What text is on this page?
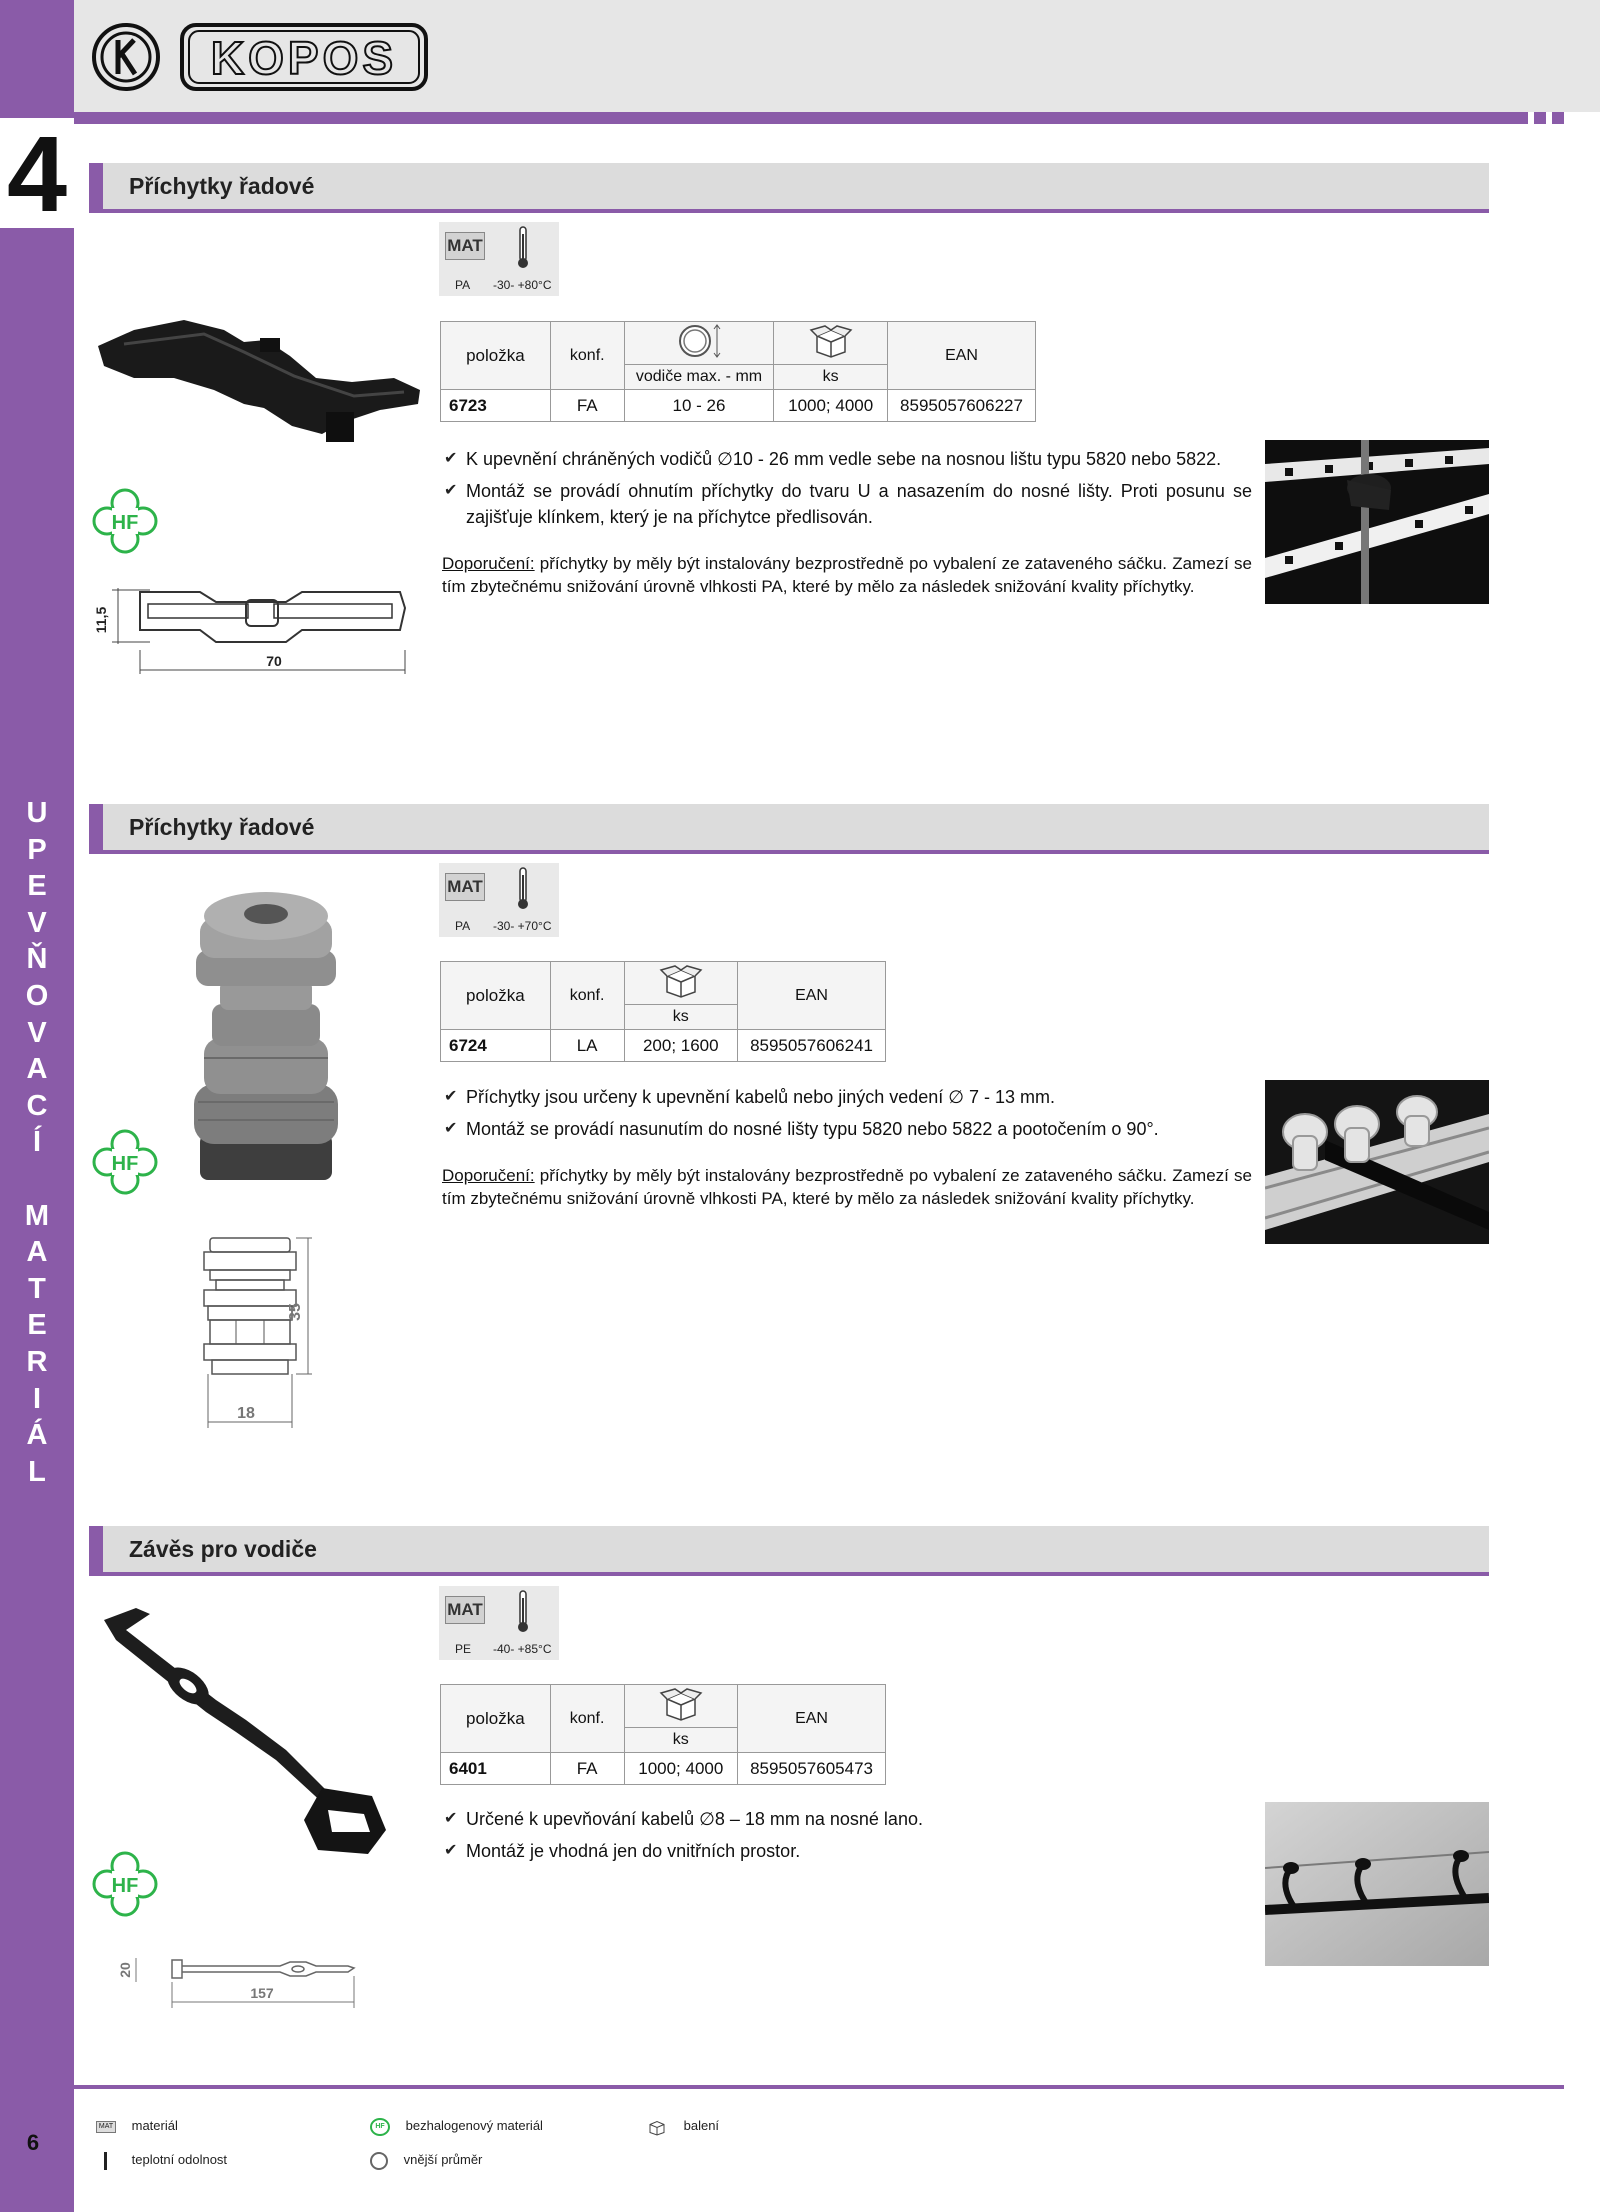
4
U
P
E
V
Ň
O
V
A
C
Í
M
A
T
E
R
I
Á
L
6
KOPOS
Příchytky řadové
HF
11,5
70
MAT
PA -30- +80°C
položka	konf.			EAN
		vodiče max. - mm	ks	
6723	FA	10 - 26	1000; 4000	8595057606227
✔ K upevnění chráněných vodičů ∅10 - 26 mm vedle sebe na nosnou lištu typu 5820 nebo 5822.
✔ Montáž se provádí ohnutím příchytky do tvaru U a nasazením do nosné lišty. Proti posunu se zajišťuje klínkem, který je na příchytce předlisován.
Doporučení: příchytky by měly být instalovány bezprostředně po vybalení ze zataveného sáčku. Zamezí se tím zbytečnému snižování úrovně vlhkosti PA, které by mělo za následek snižování kvality příchytky.
Příchytky řadové
HF
35
18
MAT
PA -30- +70°C
položka	konf.		EAN
		ks	
6724	LA	200; 1600	8595057606241
✔ Příchytky jsou určeny k upevnění kabelů nebo jiných vedení ∅ 7 - 13 mm.
✔ Montáž se provádí nasunutím do nosné lišty typu 5820 nebo 5822 a pootočením o 90°.
Doporučení: příchytky by měly být instalovány bezprostředně po vybalení ze zataveného sáčku. Zamezí se tím zbytečnému snižování úrovně vlhkosti PA, které by mělo za následek snižování kvality příchytky.
Závěs pro vodiče
HF
20
157
MAT
PE -40- +85°C
položka	konf.		EAN
		ks	
6401	FA	1000; 4000	8595057605473
✔ Určené k upevňování kabelů ∅8 – 18 mm na nosné lano.
✔ Montáž je vhodná jen do vnitřních prostor.
MAT materiál
teplotní odolnost
HF bezhalogenový materiál
vnější průměr
balení
